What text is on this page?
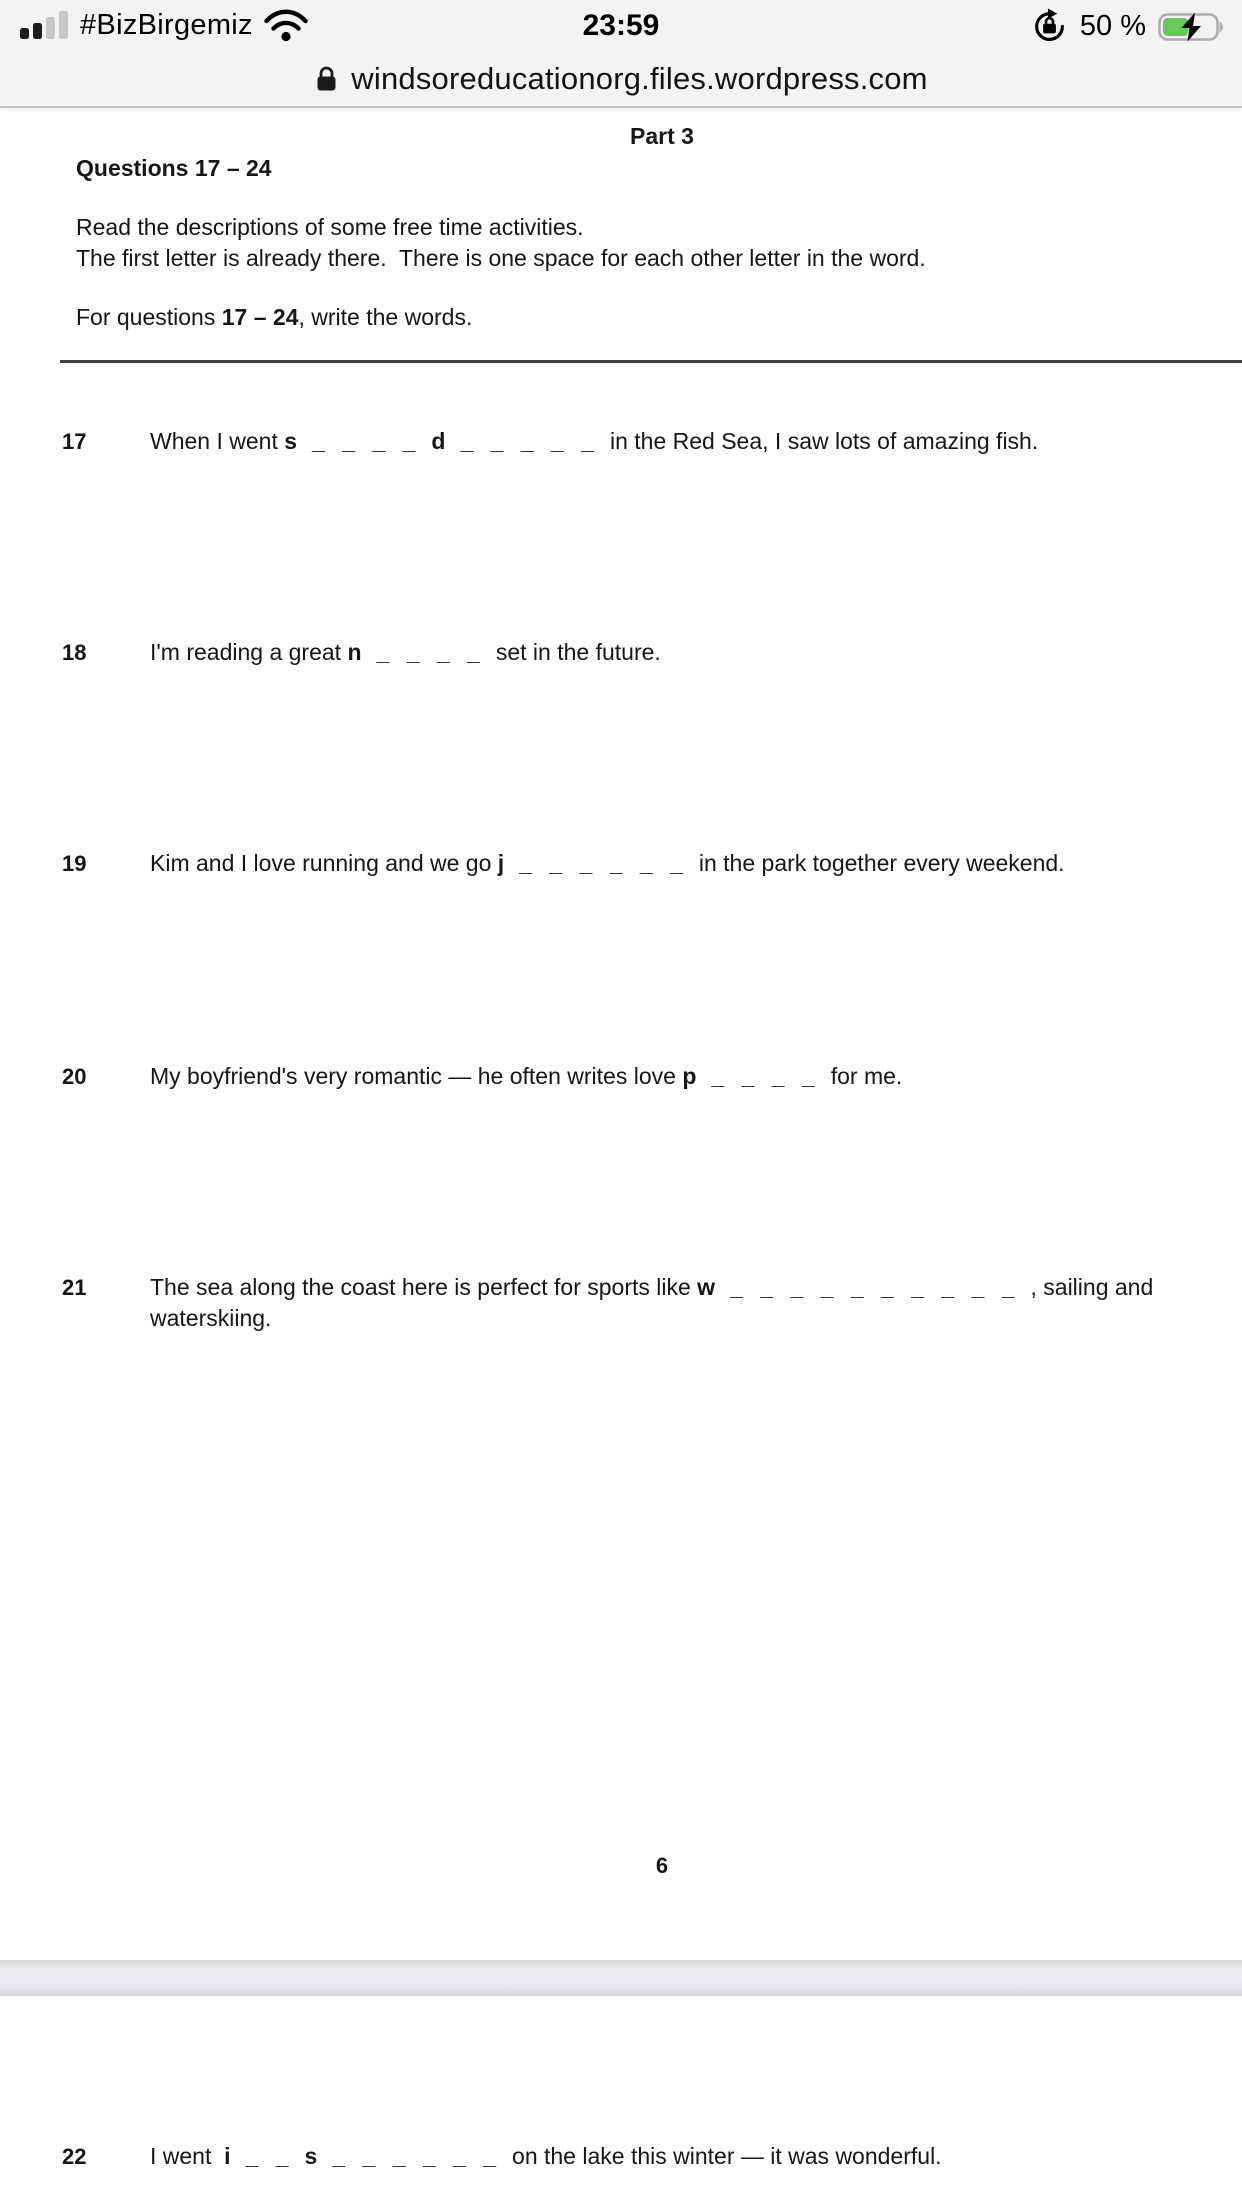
#BizBirgemiz	23:59	50 %
windsoreducationorg.files.wordpress.com
Part 3
Questions 17 – 24
Read the descriptions of some free time activities.
The first letter is already there.  There is one space for each other letter in the word.
For questions 17 – 24, write the words.
17	When I went s _ _ _ _ d _ _ _ _ _ in the Red Sea, I saw lots of amazing fish.
18	I'm reading a great n _ _ _ _ set in the future.
19	Kim and I love running and we go j _ _ _ _ _ _ in the park together every weekend.
20	My boyfriend's very romantic — he often writes love p _ _ _ _ for me.
21	The sea along the coast here is perfect for sports like w _ _ _ _ _ _ _ _ _ _ , sailing and
waterskiing.
22	I went  i _ _ s _ _ _ _ _ _ on the lake this winter — it was wonderful.
6
